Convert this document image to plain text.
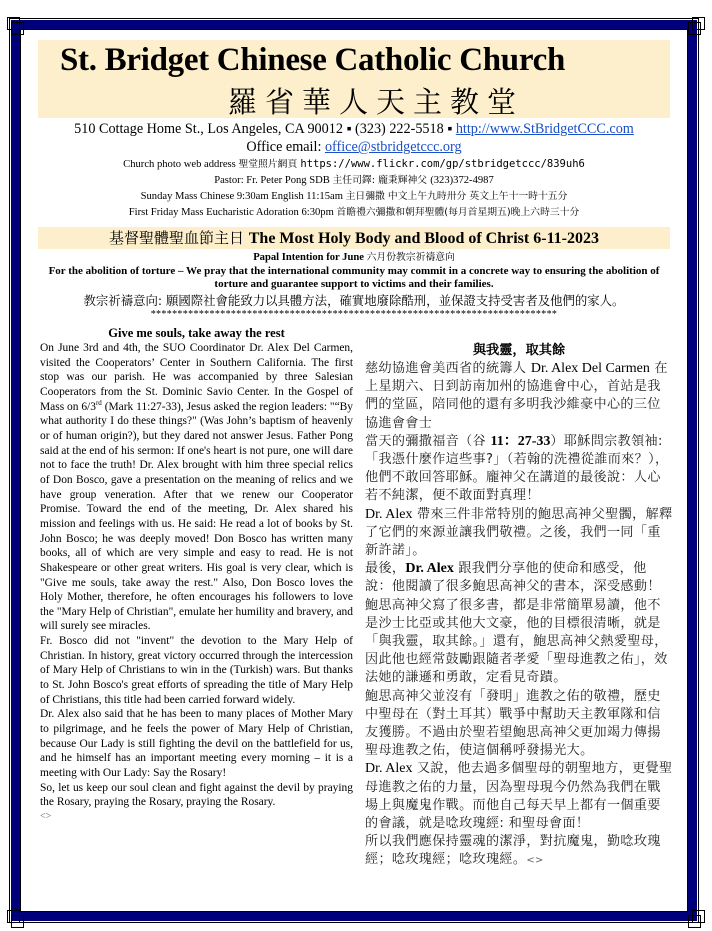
St. Bridget Chinese Catholic Church
羅省華人天主教堂
510 Cottage Home St., Los Angeles, CA 90012 ▪ (323) 222-5518 ▪ http://www.StBridgetCCC.com
Office email: office@stbridgetccc.org
Church photo web address 聖堂照片網頁 https://www.flickr.com/gp/stbridgetccc/839uh6
Pastor: Fr. Peter Pong SDB 主任司鐸: 龐秉輝神父 (323)372-4987
Sunday Mass Chinese 9:30am English 11:15am 主日彌撒 中文上午九時卅分 英文上午十一時十五分
First Friday Mass Eucharistic Adoration 6:30pm 首瞻禮六彌撒和朝拜聖體(每月首星期五)晚上六時三十分
基督聖體聖血節主日 The Most Holy Body and Blood of Christ 6-11-2023
Papal Intention for June 六月份教宗祈禱意向
For the abolition of torture – We pray that the international community may commit in a concrete way to ensuring the abolition of torture and guarantee support to victims and their families.
教宗祈禱意向: 願國際社會能致力以具體方法，確實地廢除酷刑，並保證支持受害者及他們的家人。
****************************************************************************
Give me souls, take away the rest

On June 3rd and 4th, the SUO Coordinator Dr. Alex Del Carmen, visited the Cooperators’ Center in Southern California. The first stop was our parish. He was accompanied by three Salesian Cooperators from the St. Dominic Savio Center. In the Gospel of Mass on 6/3rd (Mark 11:27-33), Jesus asked the region leaders: "“By what authority I do these things?" (Was John’s baptism of heavenly or of human origin?), but they dared not answer Jesus. Father Pong said at the end of his sermon: If one's heart is not pure, one will dare not to face the truth! Dr. Alex brought with him three special relics of Don Bosco, gave a presentation on the meaning of relics and we have group veneration. After that we renew our Cooperator Promise. Toward the end of the meeting, Dr. Alex shared his mission and feelings with us. He said: He read a lot of books by St. John Bosco; he was deeply moved! Don Bosco has written many books, all of which are very simple and easy to read. He is not Shakespeare or other great writers. His goal is very clear, which is "Give me souls, take away the rest." Also, Don Bosco loves the Holy Mother, therefore, he often encourages his followers to love the "Mary Help of Christian", emulate her humility and bravery, and will surely see miracles.

Fr. Bosco did not "invent" the devotion to the Mary Help of Christian. In history, great victory occurred through the intercession of Mary Help of Christians to win in the (Turkish) wars. But thanks to St. John Bosco's great efforts of spreading the title of Mary Help of Christians, this title had been carried forward widely.

Dr. Alex also said that he has been to many places of Mother Mary to pilgrimage, and he feels the power of Mary Help of Christian, because Our Lady is still fighting the devil on the battlefield for us, and he himself has an important meeting every morning – it is a meeting with Our Lady: Say the Rosary!

So, let us keep our soul clean and fight against the devil by praying the Rosary, praying the Rosary, praying the Rosary.

<>

與我靈，取其餘

慈幼協進會美西省的統籌人 Dr. Alex Del Carmen 在上星期六、日到訪南加州的協進會中心，首站是我們的堂區，陪同他的還有多明我沙維豪中心的三位協進會會士

當天的彌撒福音（谷 11：27-33）耶穌問宗教領袖:「我憑什麼作這些事?」（若翰的洗禮從誰而來？），他們不敢回答耶穌。龐神父在講道的最後說：人心若不純潔，便不敢面對真理！

Dr. Alex 帶來三件非常特別的鮑思高神父聖髑，解釋了它們的來源並讓我們敬禮。之後，我們一同「重新許諾」。

最後，Dr. Alex 跟我們分享他的使命和感受，他說：他閱讀了很多鮑思高神父的書本，深受感動！鮑思高神父寫了很多書，都是非常簡單易讀，他不是沙士比亞或其他大文豪，他的目標很清晰，就是「與我靈，取其餘。」還有，鮑思高神父熱愛聖母，因此他也經常鼓勵跟隨者孝愛「聖母進教之佑」，效法她的謙遜和勇敢，定看見奇蹟。

鮑思高神父並沒有「發明」進教之佑的敬禮，歷史中聖母在（對土耳其）戰爭中幫助天主教軍隊和信友獲勝。不過由於聖若望鮑思高神父更加竭力傳揚聖母進教之佑，使這個稱呼發揚光大。

Dr. Alex 又說，他去過多個聖母的朝聖地方，更覺聖母進教之佑的力量，因為聖母現今仍然為我們在戰場上與魔鬼作戰。而他自己每天早上都有一個重要的會議，就是唸玫瑰經: 和聖母會面！

所以我們應保持靈魂的潔淨，對抗魔鬼，勤唸玫瑰經；唸玫瑰經；唸玫瑰經。<>
